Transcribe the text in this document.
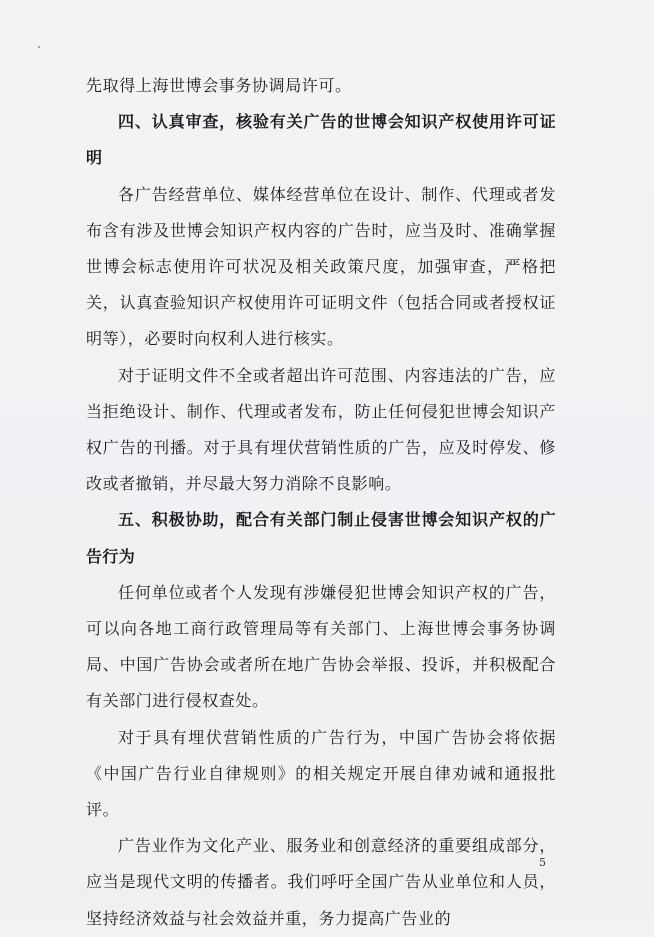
先取得上海世博会事务协调局许可。

四、认真审查，核验有关广告的世博会知识产权使用许可证明

各广告经营单位、媒体经营单位在设计、制作、代理或者发布含有涉及世博会知识产权内容的广告时，应当及时、准确掌握世博会标志使用许可状况及相关政策尺度，加强审查，严格把关，认真查验知识产权使用许可证明文件（包括合同或者授权证明等），必要时向权利人进行核实。

对于证明文件不全或者超出许可范围、内容违法的广告，应当拒绝设计、制作、代理或者发布，防止任何侵犯世博会知识产权广告的刊播。对于具有埋伏营销性质的广告，应及时停发、修改或者撤销，并尽最大努力消除不良影响。

五、积极协助，配合有关部门制止侵害世博会知识产权的广告行为

任何单位或者个人发现有涉嫌侵犯世博会知识产权的广告，可以向各地工商行政管理局等有关部门、上海世博会事务协调局、中国广告协会或者所在地广告协会举报、投诉，并积极配合有关部门进行侵权查处。

对于具有埋伏营销性质的广告行为，中国广告协会将依据《中国广告行业自律规则》的相关规定开展自律劝诫和通报批评。

广告业作为文化产业、服务业和创意经济的重要组成部分，应当是现代文明的传播者。我们呼吁全国广告从业单位和人员，坚持经济效益与社会效益并重，务力提高广告业的

5
